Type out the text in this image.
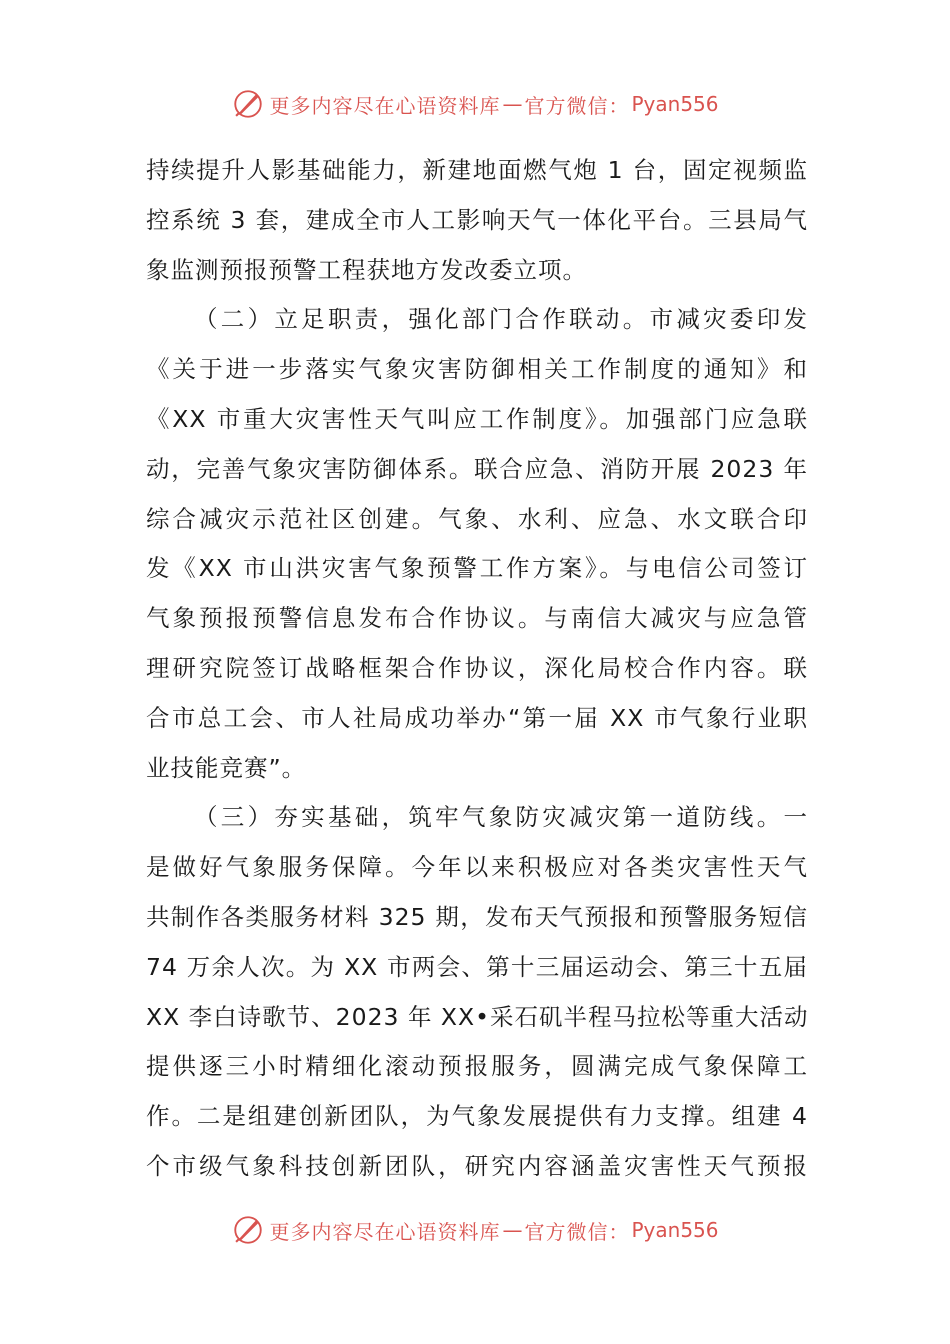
更多内容尽在心语资料库 — 官方微信： Pyan556
持续提升人影基础能力，新建地面燃气炮 1 台，固定视频监
控系统 3 套，建成全市人工影响天气一体化平台。三县局气
象监测预报预警工程获地方发改委立项。
（二）立足职责，强化部门合作联动。市减灾委印发
《关于进一步落实气象灾害防御相关工作制度的通知》和
《XX 市重大灾害性天气叫应工作制度》。加强部门应急联
动，完善气象灾害防御体系。联合应急、消防开展 2023 年
综合减灾示范社区创建。气象、水利、应急、水文联合印
发《XX 市山洪灾害气象预警工作方案》。与电信公司签订
气象预报预警信息发布合作协议。与南信大减灾与应急管
理研究院签订战略框架合作协议，深化局校合作内容。联
合市总工会、市人社局成功举办“第一届 XX 市气象行业职
业技能竞赛”。
（三）夯实基础，筑牢气象防灾减灾第一道防线。一
是做好气象服务保障。今年以来积极应对各类灾害性天气
共制作各类服务材料 325 期，发布天气预报和预警服务短信
74 万余人次。为 XX 市两会、第十三届运动会、第三十五届
XX 李白诗歌节、2023 年 XX•采石矶半程马拉松等重大活动
提供逐三小时精细化滚动预报服务，圆满完成气象保障工
作。二是组建创新团队，为气象发展提供有力支撑。组建 4
个市级气象科技创新团队，研究内容涵盖灾害性天气预报
更多内容尽在心语资料库 — 官方微信： Pyan556
